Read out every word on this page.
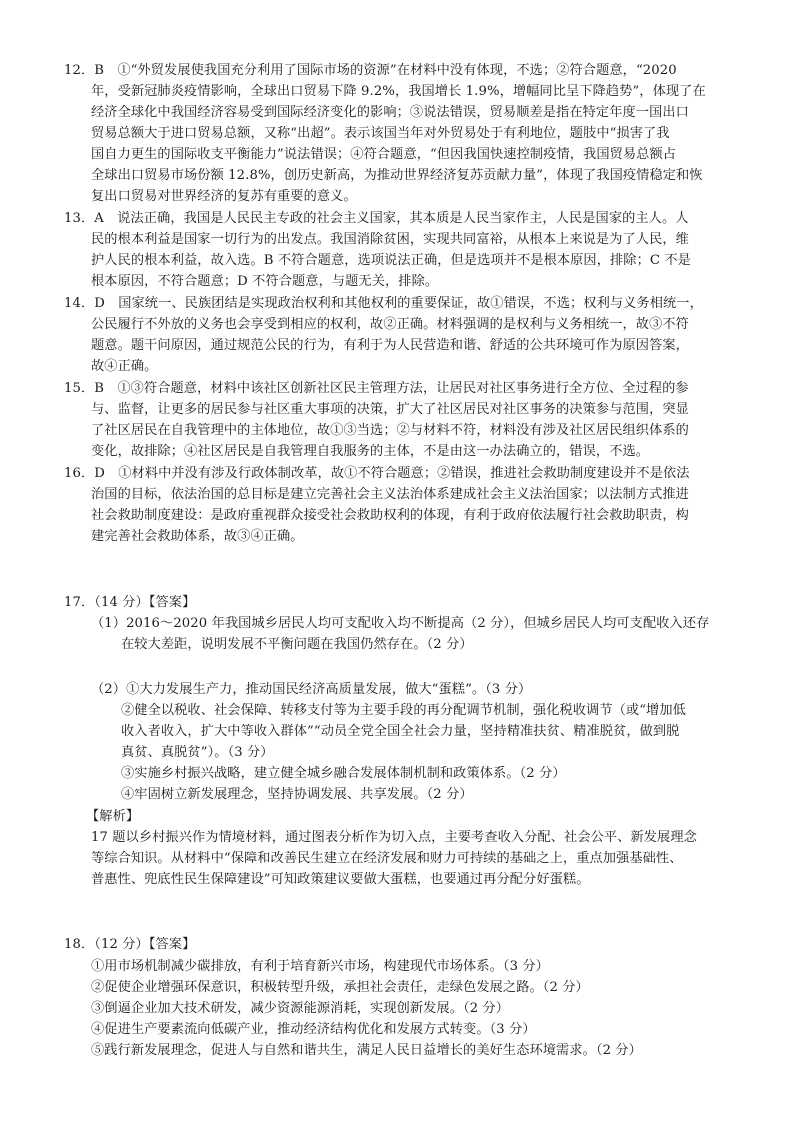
12．B　①“外贸发展使我国充分利用了国际市场的资源”在材料中没有体现，不选；②符合题意，“2020
年，受新冠肺炎疫情影响，全球出口贸易下降 9.2%，我国增长 1.9%，增幅同比呈下降趋势”，体现了在
经济全球化中我国经济容易受到国际经济变化的影响；③说法错误，贸易顺差是指在特定年度一国出口
贸易总额大于进口贸易总额，又称“出超”。表示该国当年对外贸易处于有利地位，题肢中“损害了我
国自力更生的国际收支平衡能力”说法错误；④符合题意，“但因我国快速控制疫情，我国贸易总额占
全球出口贸易市场份额 12.8%，创历史新高，为推动世界经济复苏贡献力量”，体现了我国疫情稳定和恢
复出口贸易对世界经济的复苏有重要的意义。
13．A　说法正确，我国是人民民主专政的社会主义国家，其本质是人民当家作主，人民是国家的主人。人
民的根本利益是国家一切行为的出发点。我国消除贫困，实现共同富裕，从根本上来说是为了人民，维
护人民的根本利益，故入选。B 不符合题意，选项说法正确，但是选项并不是根本原因，排除；C 不是
根本原因，不符合题意；D 不符合题意，与题无关，排除。
14．D　国家统一、民族团结是实现政治权利和其他权利的重要保证，故①错误，不选；权利与义务相统一，
公民履行不外放的义务也会享受到相应的权利，故②正确。材料强调的是权利与义务相统一，故③不符
题意。题干问原因，通过规范公民的行为，有利于为人民营造和谐、舒适的公共环境可作为原因答案，
故④正确。
15．B　①③符合题意，材料中该社区创新社区民主管理方法，让居民对社区事务进行全方位、全过程的参
与、监督，让更多的居民参与社区重大事项的决策，扩大了社区居民对社区事务的决策参与范围，突显
了社区居民在自我管理中的主体地位，故①③当选；②与材料不符，材料没有涉及社区居民组织体系的
变化，故排除；④社区居民是自我管理自我服务的主体，不是由这一办法确立的，错误，不选。
16．D　①材料中并没有涉及行政体制改革，故①不符合题意；②错误，推进社会救助制度建设并不是依法
治国的目标，依法治国的总目标是建立完善社会主义法治体系建成社会主义法治国家；以法制方式推进
社会救助制度建设：是政府重视群众接受社会救助权利的体现，有利于政府依法履行社会救助职责，构
建完善社会救助体系，故③④正确。
17．（14 分）【答案】
（1）2016～2020 年我国城乡居民人均可支配收入均不断提高（2 分），但城乡居民人均可支配收入还存
在较大差距，说明发展不平衡问题在我国仍然存在。（2 分）
（2）①大力发展生产力，推动国民经济高质量发展，做大“蛋糕”。（3 分）
②健全以税收、社会保障、转移支付等为主要手段的再分配调节机制，强化税收调节（或“增加低
收入者收入，扩大中等收入群体”“动员全党全国全社会力量，坚持精准扶贫、精准脱贫，做到脱
真贫、真脱贫”）。（3 分）
③实施乡村振兴战略，建立健全城乡融合发展体制机制和政策体系。（2 分）
④牢固树立新发展理念，坚持协调发展、共享发展。（2 分）
【解析】
17 题以乡村振兴作为情境材料，通过图表分析作为切入点，主要考查收入分配、社会公平、新发展理念
等综合知识。从材料中“保障和改善民生建立在经济发展和财力可持续的基础之上，重点加强基础性、
普惠性、兜底性民生保障建设”可知政策建议要做大蛋糕，也要通过再分配分好蛋糕。
18．（12 分）【答案】
①用市场机制减少碳排放，有利于培育新兴市场，构建现代市场体系。（3 分）
②促使企业增强环保意识，积极转型升级，承担社会责任，走绿色发展之路。（2 分）
③倒逼企业加大技术研发，减少资源能源消耗，实现创新发展。（2 分）
④促进生产要素流向低碳产业，推动经济结构优化和发展方式转变。（3 分）
⑤践行新发展理念，促进人与自然和谐共生，满足人民日益增长的美好生态环境需求。（2 分）
